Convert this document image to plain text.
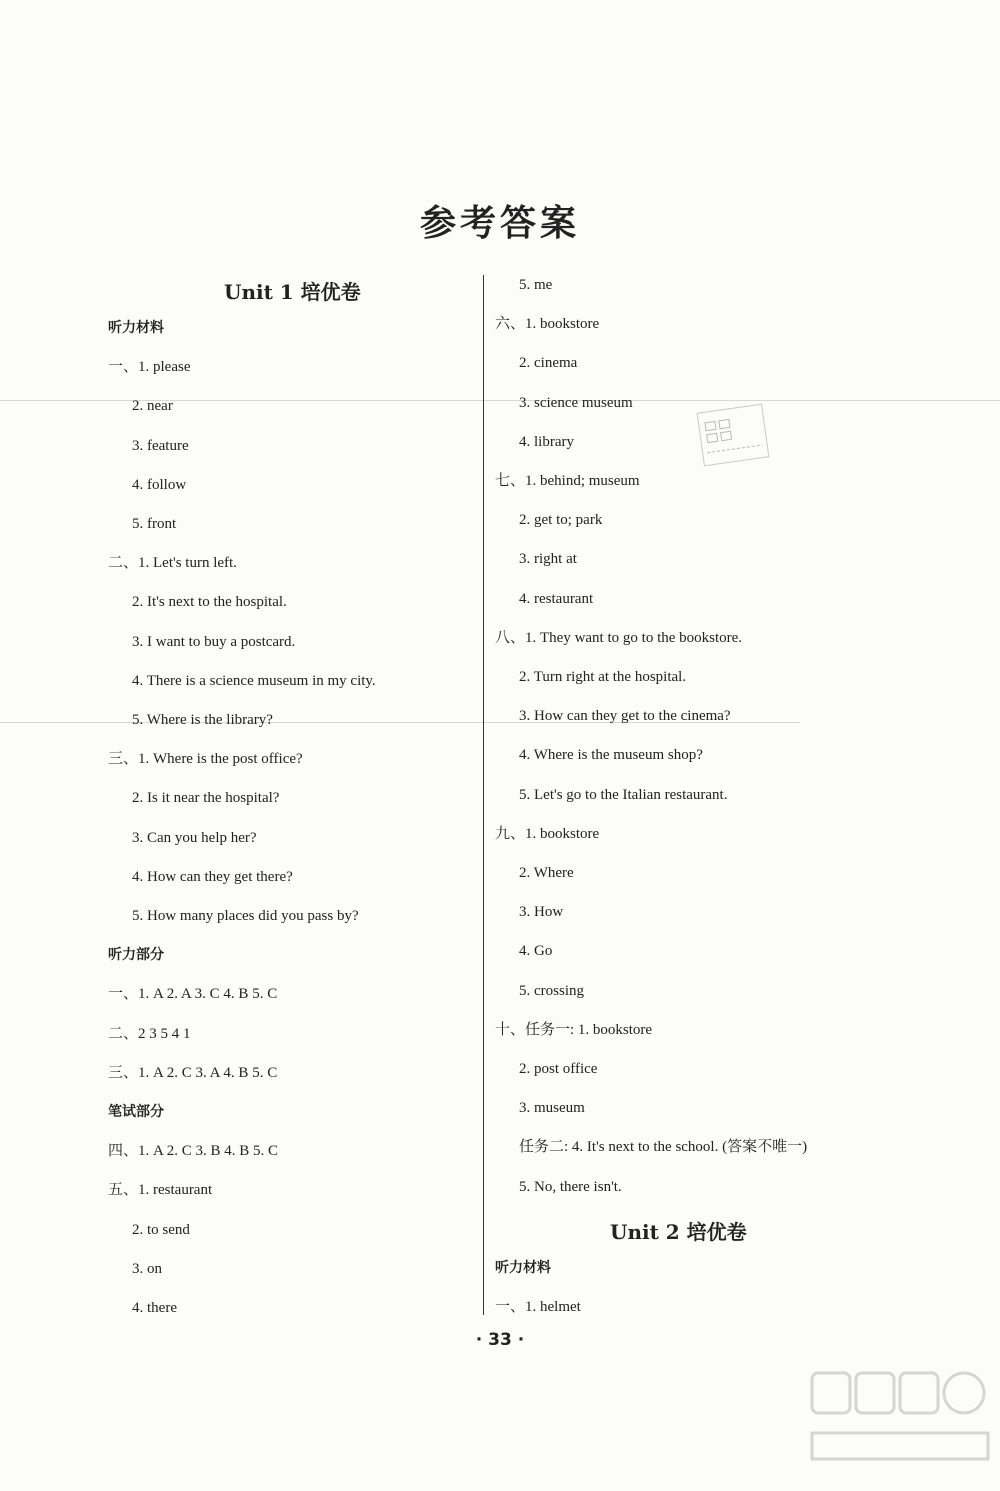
参考答案
Unit 1 培优卷
听力材料
一、1. please
2. near
3. feature
4. follow
5. front
二、1. Let's turn left.
2. It's next to the hospital.
3. I want to buy a postcard.
4. There is a science museum in my city.
5. Where is the library?
三、1. Where is the post office?
2. Is it near the hospital?
3. Can you help her?
4. How can they get there?
5. How many places did you pass by?
听力部分
一、1. A 2. A 3. C 4. B 5. C
二、2 3 5 4 1
三、1. A 2. C 3. A 4. B 5. C
笔试部分
四、1. A 2. C 3. B 4. B 5. C
五、1. restaurant
2. to send
3. on
4. there
5. me
六、1. bookstore
2. cinema
3. science museum
4. library
七、1. behind; museum
2. get to; park
3. right at
4. restaurant
八、1. They want to go to the bookstore.
2. Turn right at the hospital.
3. How can they get to the cinema?
4. Where is the museum shop?
5. Let's go to the Italian restaurant.
九、1. bookstore
2. Where
3. How
4. Go
5. crossing
十、任务一: 1. bookstore
2. post office
3. museum
任务二: 4. It's next to the school. (答案不唯一)
5. No, there isn't.
Unit 2 培优卷
听力材料
一、1. helmet
· 33 ·
